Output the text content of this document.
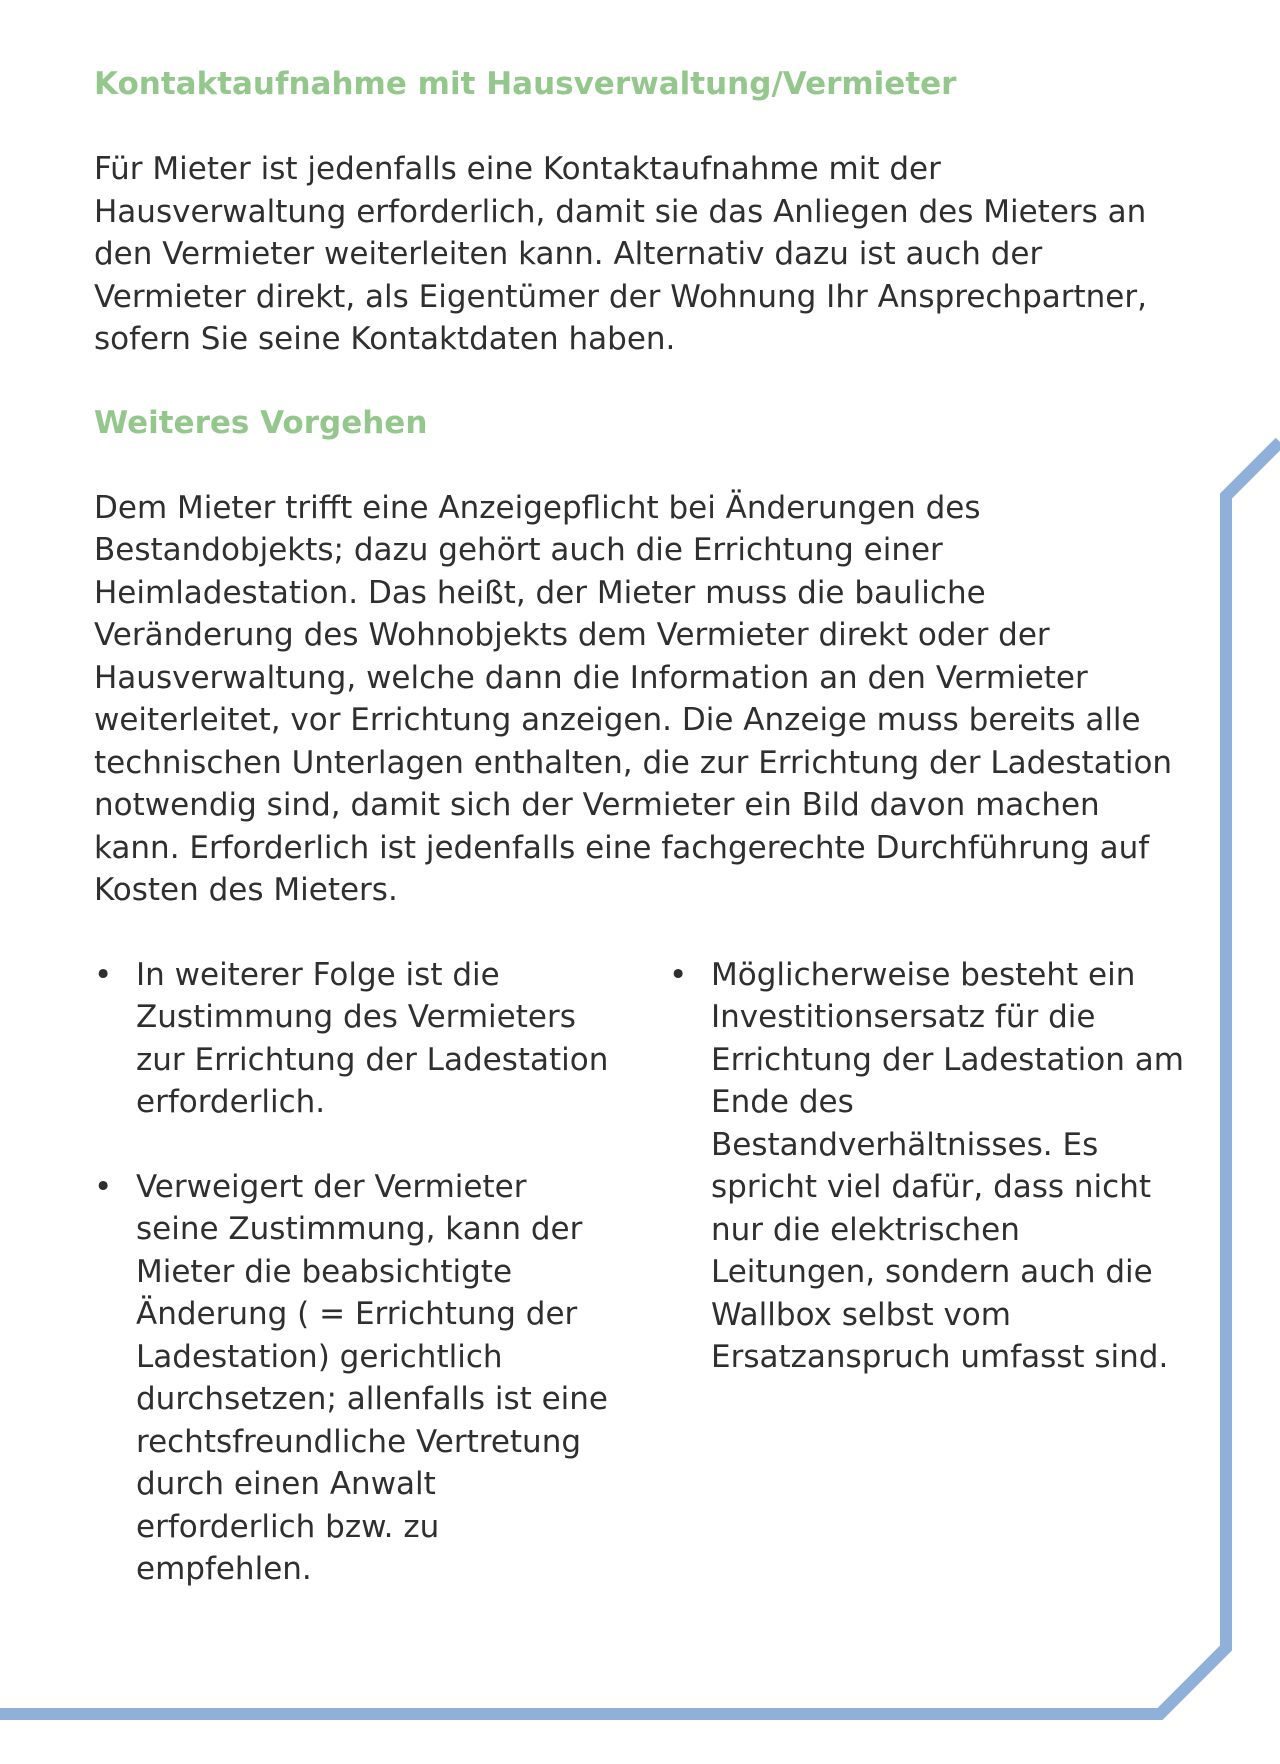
Kontaktaufnahme mit Hausverwaltung/Vermieter

Für Mieter ist jedenfalls eine Kontaktaufnahme mit der Hausverwaltung erforderlich, damit sie das Anliegen des Mieters an den Vermieter weiterleiten kann. Alternativ dazu ist auch der Vermieter direkt, als Eigentümer der Wohnung Ihr Ansprechpartner, sofern Sie seine Kontaktdaten haben.

Weiteres Vorgehen

Dem Mieter trifft eine Anzeigepflicht bei Änderungen des Bestandobjekts; dazu gehört auch die Errichtung einer Heimladestation. Das heißt, der Mieter muss die bauliche Veränderung des Wohnobjekts dem Vermieter direkt oder der Hausverwaltung, welche dann die Information an den Vermieter weiterleitet, vor Errichtung anzeigen. Die Anzeige muss bereits alle technischen Unterlagen enthalten, die zur Errichtung der Ladestation notwendig sind, damit sich der Vermieter ein Bild davon machen kann. Erforderlich ist jedenfalls eine fachgerechte Durchführung auf Kosten des Mieters.

• In weiterer Folge ist die Zustimmung des Vermieters zur Errichtung der Ladestation erforderlich.
• Verweigert der Vermieter seine Zustimmung, kann der Mieter die beabsichtigte Änderung ( = Errichtung der Ladestation) gerichtlich durchsetzen; allenfalls ist eine rechtsfreundliche Vertretung durch einen Anwalt erforderlich bzw. zu empfehlen.
• Möglicherweise besteht ein Investitionsersatz für die Errichtung der Ladestation am Ende des Bestandverhältnisses. Es spricht viel dafür, dass nicht nur die elektrischen Leitungen, sondern auch die Wallbox selbst vom Ersatzanspruch umfasst sind.
